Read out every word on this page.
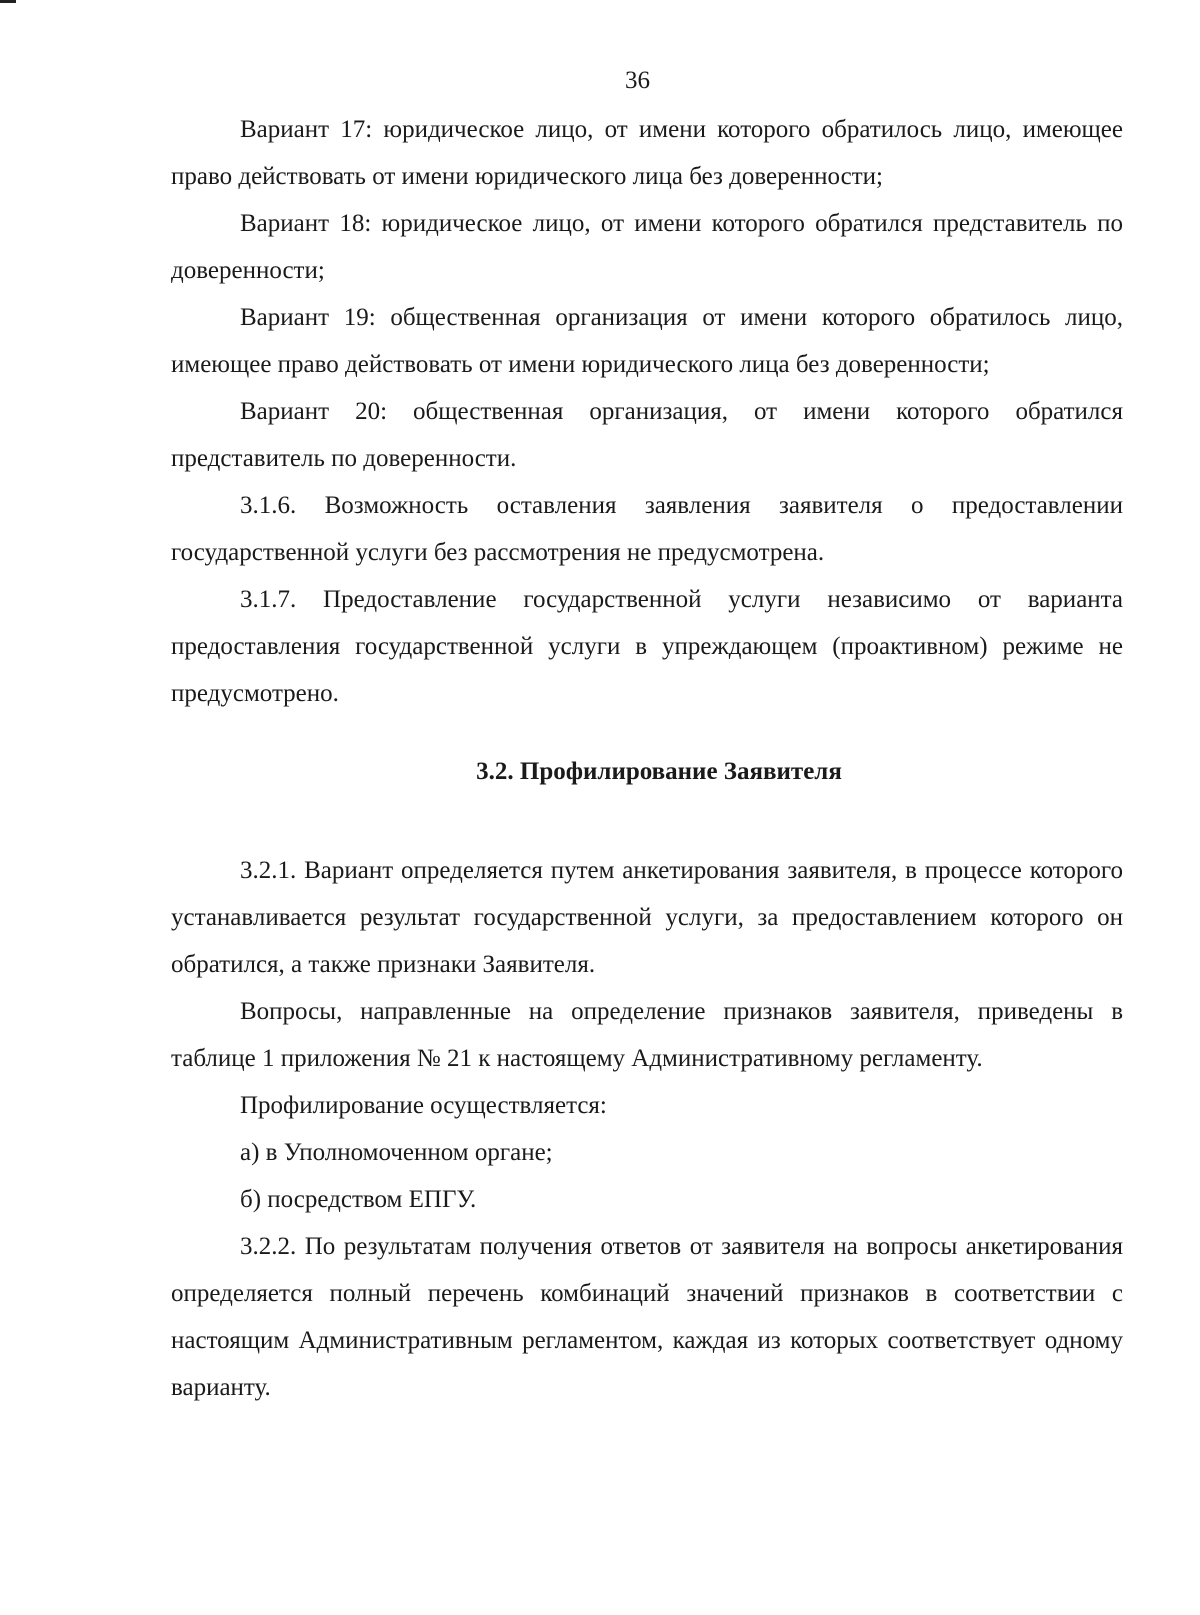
36

Вариант 17: юридическое лицо, от имени которого обратилось лицо, имеющее право действовать от имени юридического лица без доверенности;

Вариант 18: юридическое лицо, от имени которого обратился представитель по доверенности;

Вариант 19: общественная организация от имени которого обратилось лицо, имеющее право действовать от имени юридического лица без доверенности;

Вариант 20: общественная организация, от имени которого обратился представитель по доверенности.

3.1.6. Возможность оставления заявления заявителя о предоставлении государственной услуги без рассмотрения не предусмотрена.

3.1.7. Предоставление государственной услуги независимо от варианта предоставления государственной услуги в упреждающем (проактивном) режиме не предусмотрено.

3.2. Профилирование Заявителя

3.2.1. Вариант определяется путем анкетирования заявителя, в процессе которого устанавливается результат государственной услуги, за предоставлением которого он обратился, а также признаки Заявителя.

Вопросы, направленные на определение признаков заявителя, приведены в таблице 1 приложения № 21 к настоящему Административному регламенту.

Профилирование осуществляется:

а) в Уполномоченном органе;

б) посредством ЕПГУ.

3.2.2. По результатам получения ответов от заявителя на вопросы анкетирования определяется полный перечень комбинаций значений признаков в соответствии с настоящим Административным регламентом, каждая из которых соответствует одному варианту.
